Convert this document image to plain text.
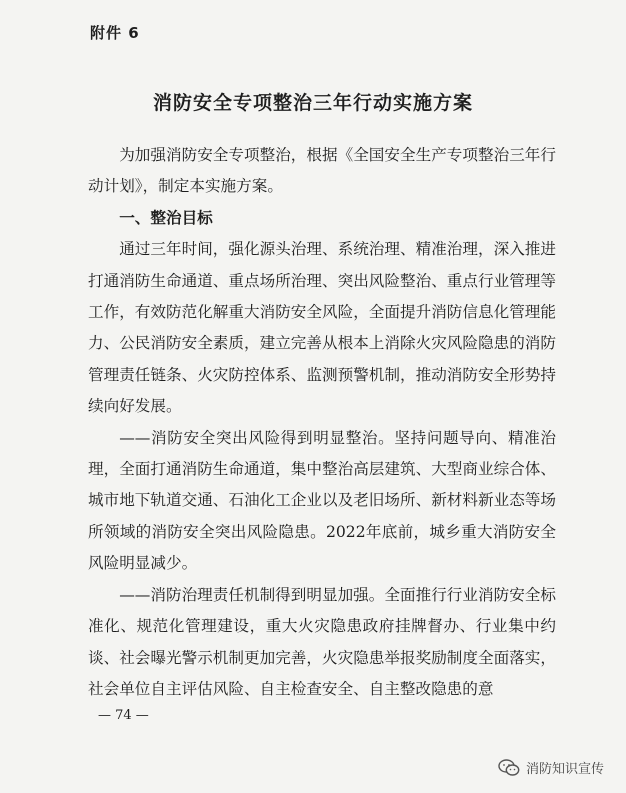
附件 6
消防安全专项整治三年行动实施方案

为加强消防安全专项整治，根据《全国安全生产专项整治三年行动计划》，制定本实施方案。

一、整治目标

通过三年时间，强化源头治理、系统治理、精准治理，深入推进打通消防生命通道、重点场所治理、突出风险整治、重点行业管理等工作，有效防范化解重大消防安全风险，全面提升消防信息化管理能力、公民消防安全素质，建立完善从根本上消除火灾风险隐患的消防管理责任链条、火灾防控体系、监测预警机制，推动消防安全形势持续向好发展。

——消防安全突出风险得到明显整治。坚持问题导向、精准治理，全面打通消防生命通道，集中整治高层建筑、大型商业综合体、城市地下轨道交通、石油化工企业以及老旧场所、新材料新业态等场所领域的消防安全突出风险隐患。2022年底前，城乡重大消防安全风险明显减少。

——消防治理责任机制得到明显加强。全面推行行业消防安全标准化、规范化管理建设，重大火灾隐患政府挂牌督办、行业集中约谈、社会曝光警示机制更加完善，火灾隐患举报奖励制度全面落实，社会单位自主评估风险、自主检查安全、自主整改隐患的意

— 74 —
消防知识宣传
